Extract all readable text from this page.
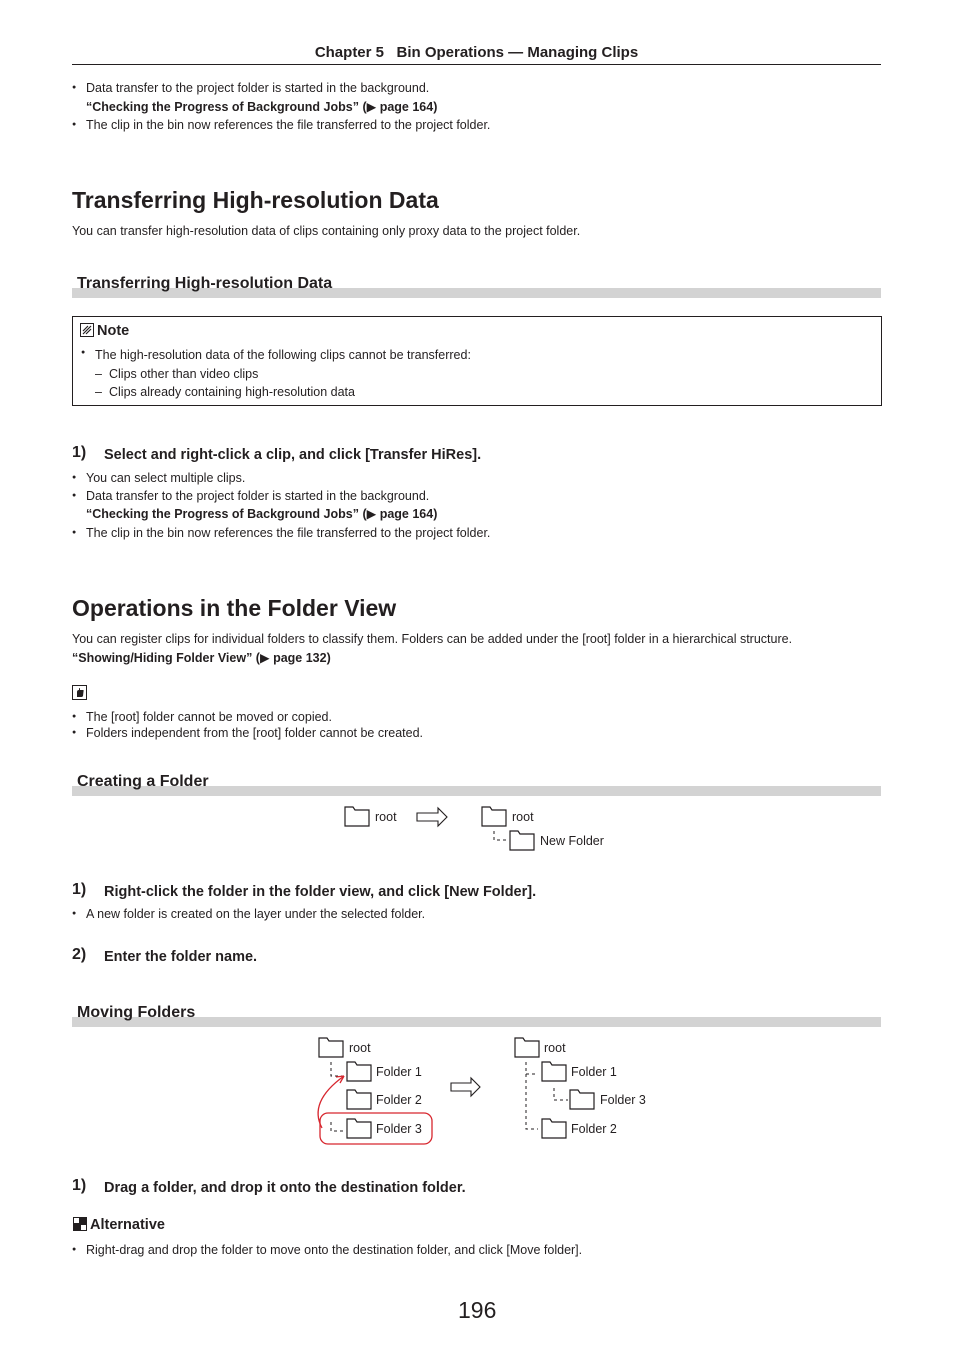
Chapter 5   Bin Operations — Managing Clips
● Data transfer to the project folder is started in the background.
“Checking the Progress of Background Jobs” (▶ page 164)
● The clip in the bin now references the file transferred to the project folder.
Transferring High-resolution Data
You can transfer high-resolution data of clips containing only proxy data to the project folder.
Transferring High-resolution Data
Note
● The high-resolution data of the following clips cannot be transferred:
– Clips other than video clips
– Clips already containing high-resolution data
1) Select and right-click a clip, and click [Transfer HiRes].
● You can select multiple clips.
● Data transfer to the project folder is started in the background.
“Checking the Progress of Background Jobs” (▶ page 164)
● The clip in the bin now references the file transferred to the project folder.
Operations in the Folder View
You can register clips for individual folders to classify them. Folders can be added under the [root] folder in a hierarchical structure.
“Showing/Hiding Folder View” (▶ page 132)
● The [root] folder cannot be moved or copied.
● Folders independent from the [root] folder cannot be created.
Creating a Folder
root	root
New Folder
1) Right-click the folder in the folder view, and click [New Folder].
● A new folder is created on the layer under the selected folder.
2) Enter the folder name.
Moving Folders
root
Folder 1
Folder 2
Folder 3
root
Folder 1
Folder 3
Folder 2
1) Drag a folder, and drop it onto the destination folder.
Alternative
● Right-drag and drop the folder to move onto the destination folder, and click [Move folder].
196
